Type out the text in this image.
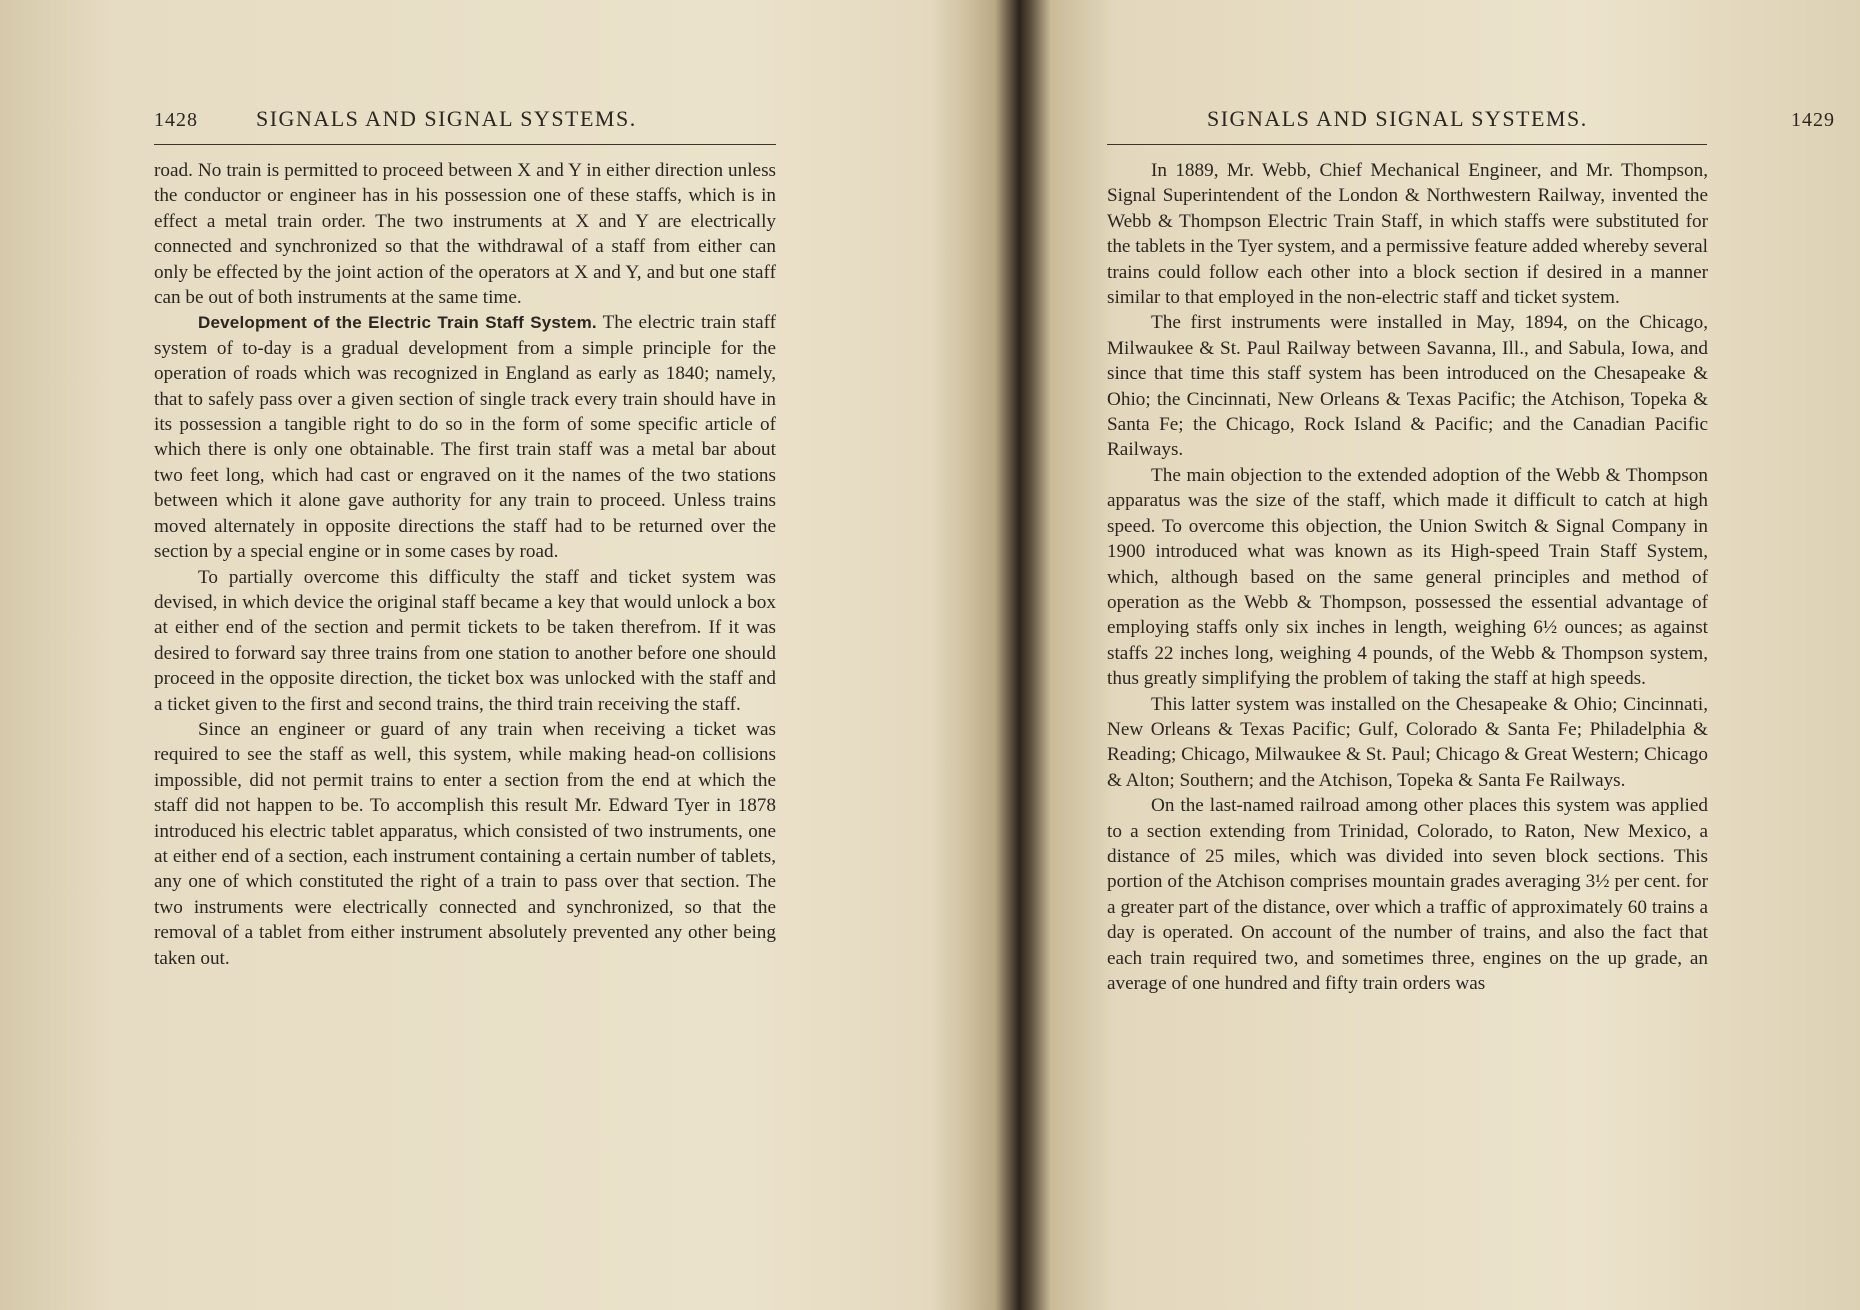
1428	SIGNALS AND SIGNAL SYSTEMS.

road. No train is permitted to proceed between X and Y in either direction unless the conductor or engineer has in his possession one of these staffs, which is in effect a metal train order. The two instruments at X and Y are electrically connected and synchronized so that the withdrawal of a staff from either can only be effected by the joint action of the operators at X and Y, and but one staff can be out of both instruments at the same time.

Development of the Electric Train Staff System. The electric train staff system of to-day is a gradual development from a simple principle for the operation of roads which was recognized in England as early as 1840; namely, that to safely pass over a given section of single track every train should have in its possession a tangible right to do so in the form of some specific article of which there is only one obtainable. The first train staff was a metal bar about two feet long, which had cast or engraved on it the names of the two stations between which it alone gave authority for any train to proceed. Unless trains moved alternately in opposite directions the staff had to be returned over the section by a special engine or in some cases by road.

To partially overcome this difficulty the staff and ticket system was devised, in which device the original staff became a key that would unlock a box at either end of the section and permit tickets to be taken therefrom. If it was desired to forward say three trains from one station to another before one should proceed in the opposite direction, the ticket box was unlocked with the staff and a ticket given to the first and second trains, the third train receiving the staff.

Since an engineer or guard of any train when receiving a ticket was required to see the staff as well, this system, while making head-on collisions impossible, did not permit trains to enter a section from the end at which the staff did not happen to be. To accomplish this result Mr. Edward Tyer in 1878 introduced his electric tablet apparatus, which consisted of two instruments, one at either end of a section, each instrument containing a certain number of tablets, any one of which constituted the right of a train to pass over that section. The two instruments were electrically connected and synchronized, so that the removal of a tablet from either instrument absolutely prevented any other being taken out.

SIGNALS AND SIGNAL SYSTEMS.	1429

In 1889, Mr. Webb, Chief Mechanical Engineer, and Mr. Thompson, Signal Superintendent of the London & Northwestern Railway, invented the Webb & Thompson Electric Train Staff, in which staffs were substituted for the tablets in the Tyer system, and a permissive feature added whereby several trains could follow each other into a block section if desired in a manner similar to that employed in the non-electric staff and ticket system.

The first instruments were installed in May, 1894, on the Chicago, Milwaukee & St. Paul Railway between Savanna, Ill., and Sabula, Iowa, and since that time this staff system has been introduced on the Chesapeake & Ohio; the Cincinnati, New Orleans & Texas Pacific; the Atchison, Topeka & Santa Fe; the Chicago, Rock Island & Pacific; and the Canadian Pacific Railways.

The main objection to the extended adoption of the Webb & Thompson apparatus was the size of the staff, which made it difficult to catch at high speed. To overcome this objection, the Union Switch & Signal Company in 1900 introduced what was known as its High-speed Train Staff System, which, although based on the same general principles and method of operation as the Webb & Thompson, possessed the essential advantage of employing staffs only six inches in length, weighing 6½ ounces; as against staffs 22 inches long, weighing 4 pounds, of the Webb & Thompson system, thus greatly simplifying the problem of taking the staff at high speeds.

This latter system was installed on the Chesapeake & Ohio; Cincinnati, New Orleans & Texas Pacific; Gulf, Colorado & Santa Fe; Philadelphia & Reading; Chicago, Milwaukee & St. Paul; Chicago & Great Western; Chicago & Alton; Southern; and the Atchison, Topeka & Santa Fe Railways.

On the last-named railroad among other places this system was applied to a section extending from Trinidad, Colorado, to Raton, New Mexico, a distance of 25 miles, which was divided into seven block sections. This portion of the Atchison comprises mountain grades averaging 3½ per cent. for a greater part of the distance, over which a traffic of approximately 60 trains a day is operated. On account of the number of trains, and also the fact that each train required two, and sometimes three, engines on the up grade, an average of one hundred and fifty train orders was
